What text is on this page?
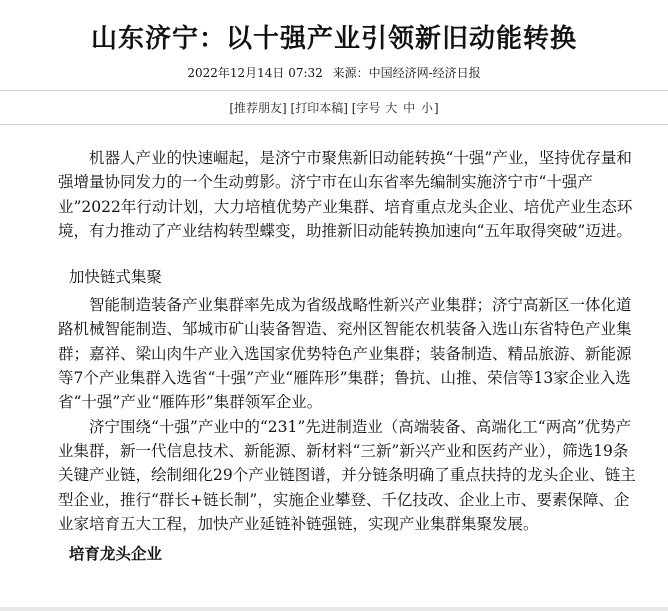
山东济宁：以十强产业引领新旧动能转换
2022年12月14日 07:32 来源：中国经济网-经济日报
[推荐朋友] [打印本稿] [字号 大 中 小]

机器人产业的快速崛起，是济宁市聚焦新旧动能转换“十强”产业，坚持优存量和强增量协同发力的一个生动剪影。济宁市在山东省率先编制实施济宁市“十强产业”2022年行动计划，大力培植优势产业集群、培育重点龙头企业、培优产业生态环境，有力推动了产业结构转型蝶变，助推新旧动能转换加速向“五年取得突破”迈进。

加快链式集聚

智能制造装备产业集群率先成为省级战略性新兴产业集群；济宁高新区一体化道路机械智能制造、邹城市矿山装备智造、兖州区智能农机装备入选山东省特色产业集群；嘉祥、梁山肉牛产业入选国家优势特色产业集群；装备制造、精品旅游、新能源等7个产业集群入选省“十强”产业“雁阵形”集群；鲁抗、山推、荣信等13家企业入选省“十强”产业“雁阵形”集群领军企业。

济宁围绕“十强”产业中的“231”先进制造业（高端装备、高端化工“两高”优势产业集群，新一代信息技术、新能源、新材料“三新”新兴产业和医药产业），筛选19条关键产业链，绘制细化29个产业链图谱，并分链条明确了重点扶持的龙头企业、链主型企业，推行“群长+链长制”，实施企业攀登、千亿技改、企业上市、要素保障、企业家培育五大工程，加快产业延链补链强链，实现产业集群集聚发展。

培育龙头企业
